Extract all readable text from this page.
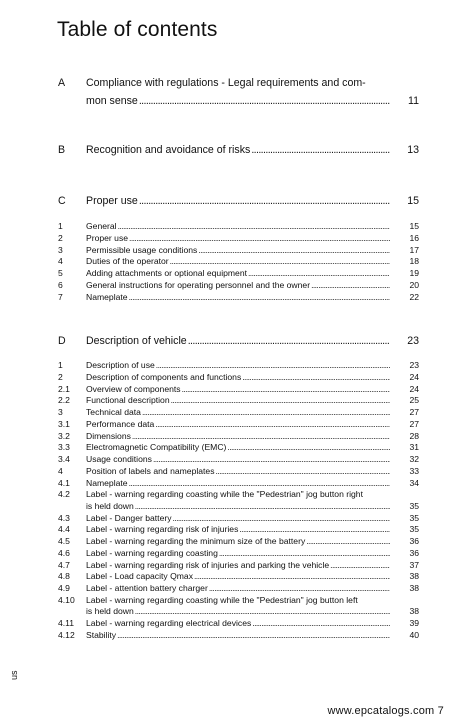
Table of contents
A Compliance with regulations - Legal requirements and com-
mon sense .....	11
B Recognition and avoidance of risks .....	13
C Proper use .....	15
1	General .....	15
2	Proper use .....	16
3	Permissible usage conditions .....	17
4	Duties of the operator .....	18
5	Adding attachments or optional equipment .....	19
6	General instructions for operating personnel and the owner .....	20
7	Nameplate .....	22
D Description of vehicle .....	23
1	Description of use .....	23
2	Description of components and functions .....	24
2.1 Overview of components .....	24
2.2 Functional description .....	25
3	Technical data .....	27
3.1 Performance data .....	27
3.2 Dimensions .....	28
3.3 Electromagnetic Compatibility (EMC) .....	31
3.4 Usage conditions .....	32
4	Position of labels and nameplates .....	33
4.1 Nameplate .....	34
4.2 Label - warning regarding coasting while the "Pedestrian" jog button right
is held down .....	35
4.3 Label - Danger battery .....	35
4.4 Label - warning regarding risk of injuries .....	35
4.5 Label - warning regarding the minimum size of the battery .....	36
4.6 Label - warning regarding coasting .....	36
4.7 Label - warning regarding risk of injuries and parking the vehicle .....	37
4.8 Label - Load capacity Qmax .....	38
4.9 Label - attention battery charger .....	38
4.10 Label - warning regarding coasting while the "Pedestrian" jog button left
is held down .....	38
4.11 Label - warning regarding electrical devices .....	39
4.12 Stability .....	40
us
www.epcatalogs.com 7
